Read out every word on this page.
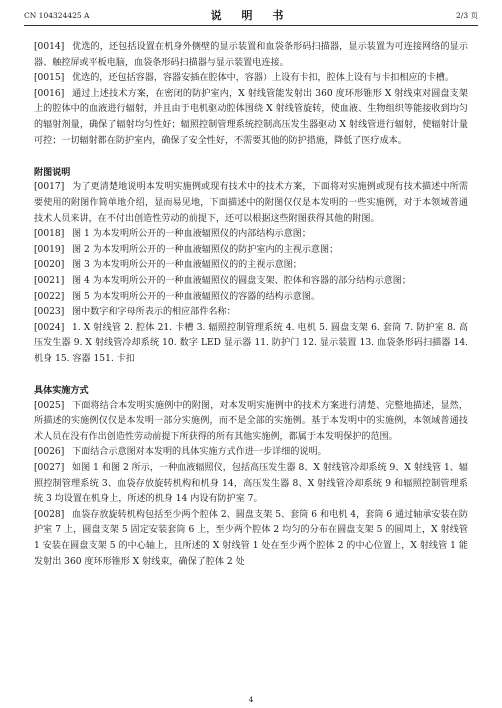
CN 104324425 A	说 明 书	2/3 页

[0014] 优选的，还包括设置在机身外侧壁的显示装置和血袋条形码扫描器，显示装置为可连接网络的显示器、触控屏或平板电脑，血袋条形码扫描器与显示装置电连接。

[0015] 优选的，还包括容器，容器安插在腔体中，容器）上设有卡扣，腔体上设有与卡扣相应的卡槽。

[0016] 通过上述技术方案，在密闭的防护室内，X 射线管能发射出 360 度环形锥形 X 射线束对圆盘支架上的腔体中的血液进行辐射，并且由于电机驱动腔体围绕 X 射线管旋转，使血液、生物组织等能接收到均匀的辐射剂量，确保了辐射均匀性好；辐照控制管理系统控制高压发生器驱动 X 射线管进行辐射，使辐射计量可控；一切辐射都在防护室内，确保了安全性好，不需要其他的防护措施，降低了医疗成本。

附图说明

[0017] 为了更清楚地说明本发明实施例或现有技术中的技术方案，下面将对实施例或现有技术描述中所需要使用的附图作简单地介绍，显而易见地，下面描述中的附图仅仅是本发明的一些实施例，对于本领域普通技术人员来讲，在不付出创造性劳动的前提下，还可以根据这些附图获得其他的附图。

[0018] 图 1 为本发明所公开的一种血液辐照仪的内部结构示意图；

[0019] 图 2 为本发明所公开的一种血液辐照仪的防护室内的主视示意图；

[0020] 图 3 为本发明所公开的一种血液辐照仪的的主视示意图；

[0021] 图 4 为本发明所公开的一种血液辐照仪的圆盘支架、腔体和容器的部分结构示意图；

[0022] 图 5 为本发明所公开的一种血液辐照仪的容器的结构示意图。

[0023] 图中数字和字母所表示的相应部件名称：

[0024] 1. X 射线管 2. 腔体 21. 卡槽 3. 辐照控制管理系统 4. 电机 5. 圆盘支架 6. 套筒 7. 防护室 8. 高压发生器 9. X 射线管冷却系统 10. 数字 LED 显示器 11. 防护门 12. 显示装置 13. 血袋条形码扫描器 14. 机身 15. 容器 151. 卡扣

具体实施方式

[0025] 下面将结合本发明实施例中的附图，对本发明实施例中的技术方案进行清楚、完整地描述，显然，所描述的实施例仅仅是本发明一部分实施例，而不是全部的实施例。基于本发明中的实施例，本领域普通技术人员在没有作出创造性劳动前提下所获得的所有其他实施例，都属于本发明保护的范围。

[0026] 下面结合示意图对本发明的具体实施方式作进一步详细的说明。

[0027] 如图 1 和图 2 所示，一种血液辐照仪，包括高压发生器 8、X 射线管冷却系统 9、X 射线管 1、辐照控制管理系统 3、血袋存放旋转机构和机身 14，高压发生器 8、X 射线管冷却系统 9 和辐照控制管理系统 3 均设置在机身上，所述的机身 14 内设有防护室 7。

[0028] 血袋存放旋转机构包括至少两个腔体 2、圆盘支架 5、套筒 6 和电机 4，套筒 6 通过轴承安装在防护室 7 上，圆盘支架 5 固定安装套筒 6 上，至少两个腔体 2 均匀的分布在圆盘支架 5 的圆周上，X 射线管 1 安装在圆盘支架 5 的中心轴上，且所述的 X 射线管 1 处在至少两个腔体 2 的中心位置上，X 射线管 1 能发射出 360 度环形锥形 X 射线束，确保了腔体 2 处

4
